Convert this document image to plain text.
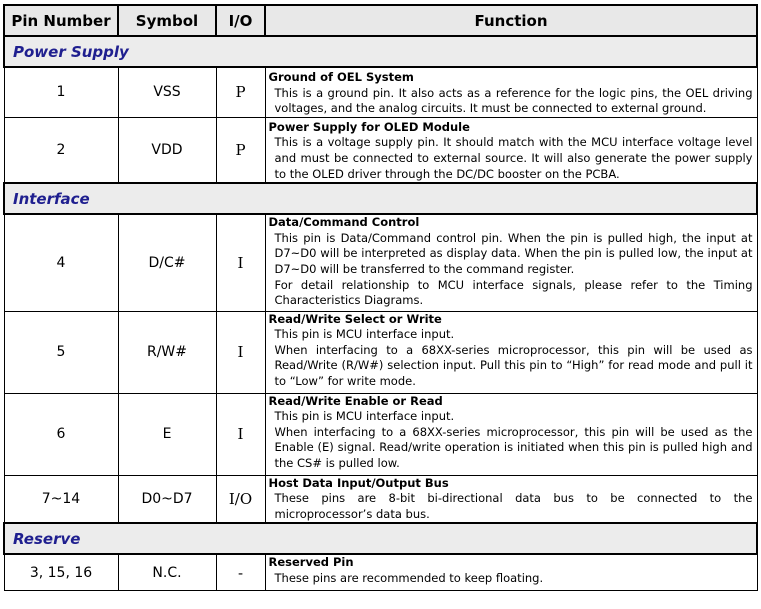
Pin Number	Symbol	I/O	Function
Power Supply			
1	VSS	P	Ground of OEL System
This is a ground pin. It also acts as a reference for the logic pins, the OEL driving voltages, and the analog circuits. It must be connected to external ground.

2	VDD	P	Power Supply for OLED Module
This is a voltage supply pin. It should match with the MCU interface voltage level and must be connected to external source. It will also generate the power supply to the OLED driver through the DC/DC booster on the PCBA.

Interface			
4	D/C#	I	Data/Command Control
This pin is Data/Command control pin. When the pin is pulled high, the input at D7~D0 will be interpreted as display data. When the pin is pulled low, the input at D7~D0 will be transferred to the command register.
For detail relationship to MCU interface signals, please refer to the Timing Characteristics Diagrams.

5	R/W#	I	Read/Write Select or Write
This pin is MCU interface input.
When interfacing to a 68XX-series microprocessor, this pin will be used as Read/Write (R/W#) selection input. Pull this pin to “High” for read mode and pull it to “Low” for write mode.

6	E	I	Read/Write Enable or Read
This pin is MCU interface input.
When interfacing to a 68XX-series microprocessor, this pin will be used as the Enable (E) signal. Read/write operation is initiated when this pin is pulled high and the CS# is pulled low.

7~14	D0~D7	I/O	Host Data Input/Output Bus
These pins are 8-bit bi-directional data bus to be connected to the microprocessor’s data bus.

Reserve			
3, 15, 16	N.C.	-	Reserved Pin
These pins are recommended to keep floating.
